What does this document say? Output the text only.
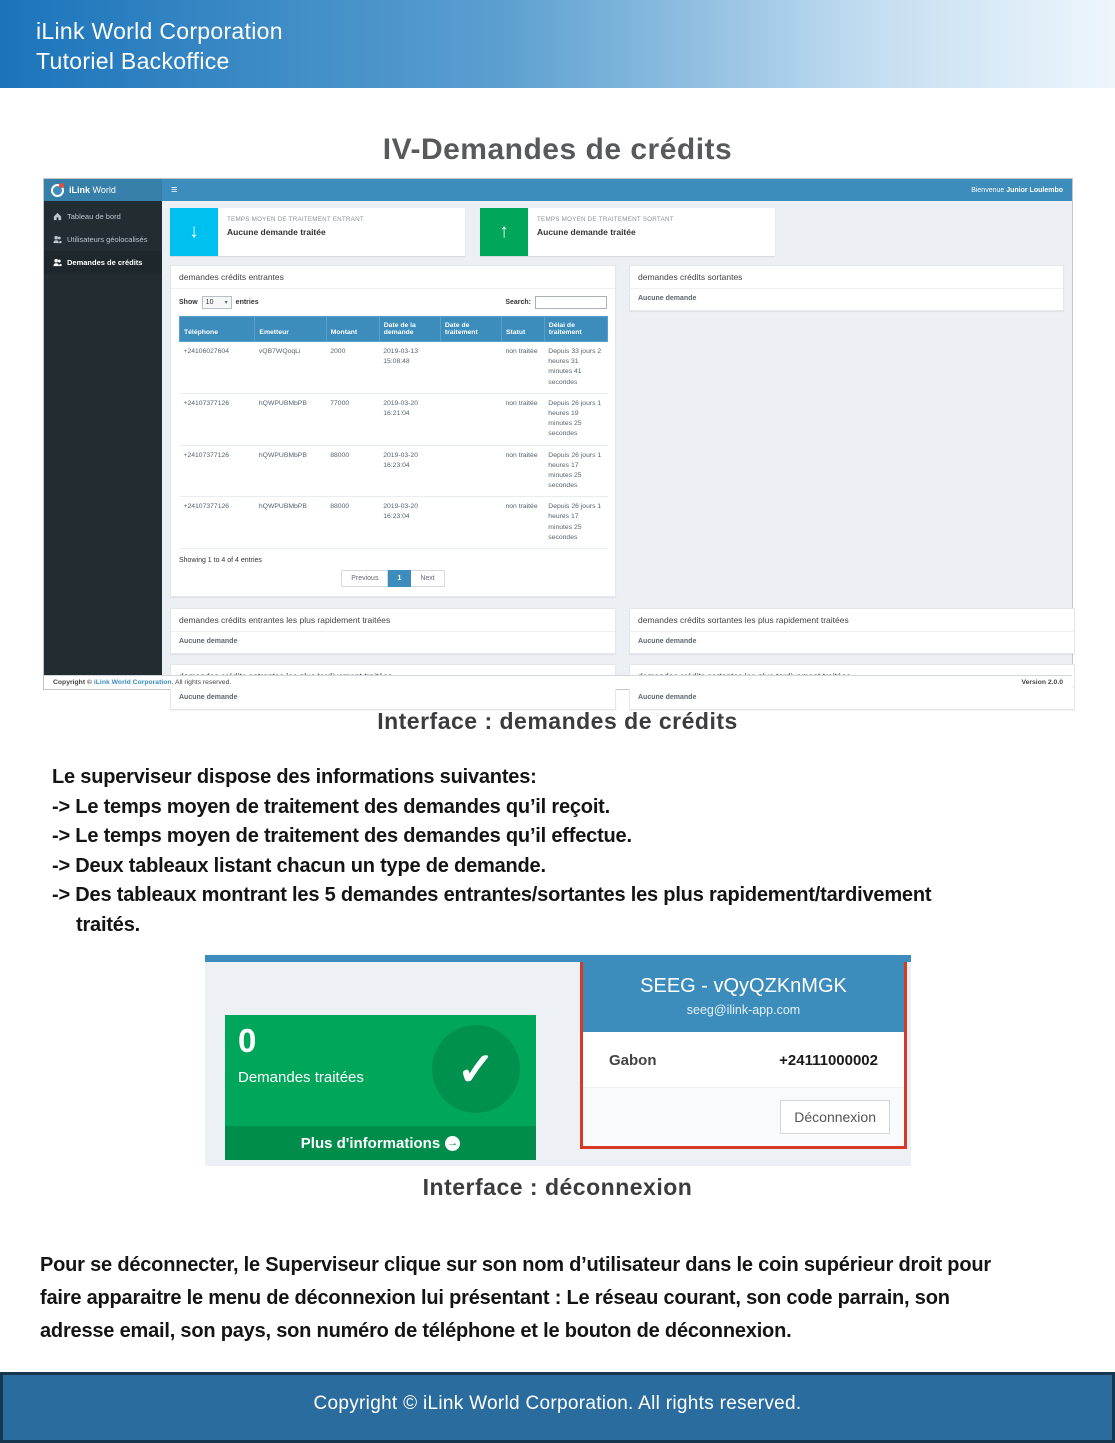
iLink World Corporation
Tutoriel Backoffice
IV-Demandes de crédits
iLink World	≡	Bienvenue Junior Loulembo
Tableau de bord
Utilisateurs géolocalisés
Demandes de crédits
↓
TEMPS MOYEN DE TRAITEMENT ENTRANT
Aucune demande traitée	↑
TEMPS MOYEN DE TRAITEMENT SORTANT
Aucune demande traitée
demandes crédits entrantes
Show 10 ▾ entries	Search:
Téléphone	Emetteur	Montant	Date de la demande	Date de traitement	Statut	Délai de traitement
+24106027604	vQB7WQoqLi	2000	2019-03-13 15:08:48		non traitée	Depuis 33 jours 2 heures 31 minutes 41 secondes
+24107377126	hQWPUBMbPB	77000	2019-03-20 16:21:04		non traitée	Depuis 26 jours 1 heures 19 minutes 25 secondes
+24107377126	hQWPUBMbPB	88000	2019-03-20 16:23:04		non traitée	Depuis 26 jours 1 heures 17 minutes 25 secondes
+24107377126	hQWPUBMbPB	88000	2019-03-20 16:23:04		non traitée	Depuis 26 jours 1 heures 17 minutes 25 secondes
Showing 1 to 4 of 4 entries
Previous	1	Next
demandes crédits sortantes
Aucune demande
demandes crédits entrantes les plus rapidement traitées
Aucune demande
demandes crédits sortantes les plus rapidement traitées
Aucune demande
Aucune demande	Aucune demande
Copyright © iLink World Corporation. All rights reserved.	Version 2.0.0
Interface : demandes de crédits
Le superviseur dispose des informations suivantes:
-> Le temps moyen de traitement des demandes qu’il reçoit.
-> Le temps moyen de traitement des demandes qu’il effectue.
-> Deux tableaux listant chacun un type de demande.
-> Des tableaux montrant les 5 demandes entrantes/sortantes les plus rapidement/tardivement traités.
0
Demandes traitées	✓
Plus d'informations →
SEEG - vQyQZKnMGK
seeg@ilink-app.com
Gabon	+24111000002
Déconnexion
Interface : déconnexion
Pour se déconnecter, le Superviseur clique sur son nom d’utilisateur dans le coin supérieur droit pour faire apparaitre le menu de déconnexion lui présentant : Le réseau courant, son code parrain, son adresse email, son pays, son numéro de téléphone et le bouton de déconnexion.
Copyright © iLink World Corporation. All rights reserved.
